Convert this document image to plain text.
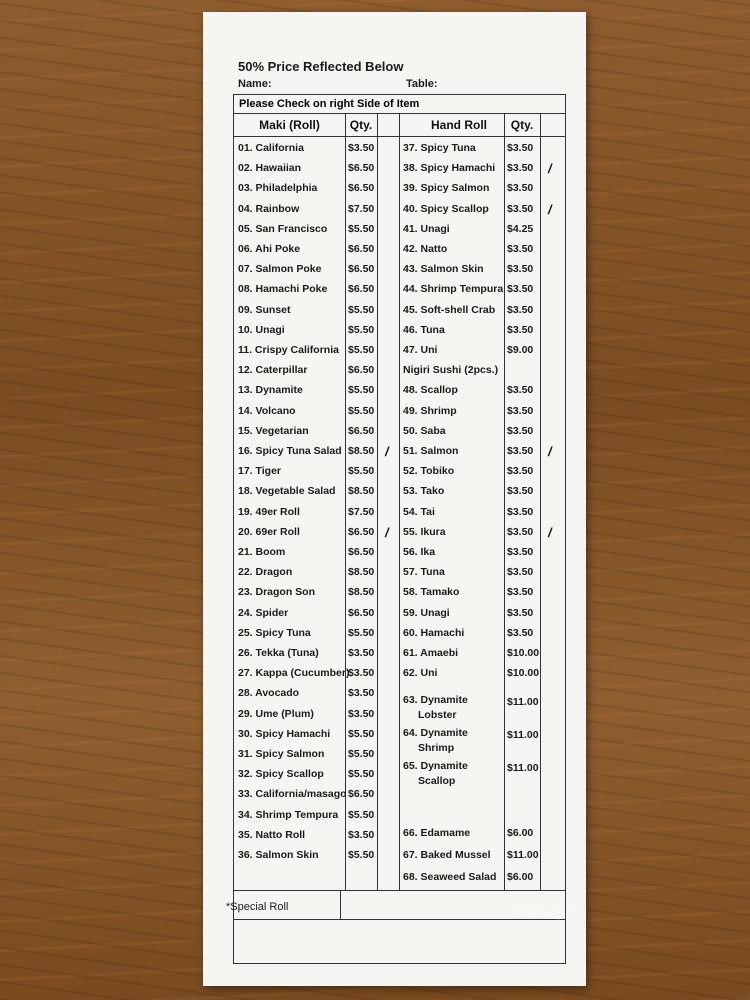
50% Price Reflected Below
Name:	Table:
Please Check on right Side of Item
Maki (Roll)	Qty.	Hand Roll	Qty.
*Special Roll
01. California	$3.50
02. Hawaiian	$6.50
03. Philadelphia	$6.50
04. Rainbow	$7.50
05. San Francisco $5.50
06. Ahi Poke	$6.50
07. Salmon Poke	$6.50
08. Hamachi Poke $6.50
09. Sunset	$5.50
10. Unagi	$5.50
11. Crispy California $5.50
12. Caterpillar	$6.50
13. Dynamite	$5.50
14. Volcano	$5.50
15. Vegetarian	$6.50
16. Spicy Tuna Salad $8.50 /
17. Tiger	$5.50
18. Vegetable Salad $8.50
19. 49er Roll	$7.50
20. 69er Roll	$6.50 /
21. Boom	$6.50
22. Dragon	$8.50
23. Dragon Son	$8.50
24. Spider	$6.50
25. Spicy Tuna	$5.50
26. Tekka (Tuna)	$3.50
27. Kappa (Cucumber)
$3.50
28. Avocado	$3.50
29. Ume (Plum)	$3.50
30. Spicy Hamachi $5.50
31. Spicy Salmon $5.50
32. Spicy Scallop $5.50
33. California/masago $6.50
34. Shrimp Tempura $5.50
35. Natto Roll	$3.50
36. Salmon Skin	$5.50
37. Spicy Tuna	$3.50
38. Spicy Hamachi $3.50 /
39. Spicy Salmon $3.50
40. Spicy Scallop $3.50 /
41. Unagi	$4.25
42. Natto	$3.50
43. Salmon Skin $3.50
44. Shrimp Tempura $3.50
45. Soft-shell Crab $3.50
46. Tuna	$3.50
47. Uni	$9.00
Nigiri Sushi (2pcs.)
48. Scallop	$3.50
49. Shrimp	$3.50
50. Saba	$3.50
51. Salmon	$3.50 /
52. Tobiko	$3.50
53. Tako	$3.50
54. Tai	$3.50
55. Ikura	$3.50 /
56. Ika	$3.50
57. Tuna	$3.50
58. Tamako	$3.50
59. Unagi	$3.50
60. Hamachi	$3.50
61. Amaebi	$10.00
62. Uni	$10.00
63. Dynamite
Lobster
$11.00
64. Dynamite
Shrimp
$11.00
65. Dynamite
Scallop
$11.00
66. Edamame	$6.00
67. Baked Mussel $11.00
68. Seaweed Salad $6.00
menupix
